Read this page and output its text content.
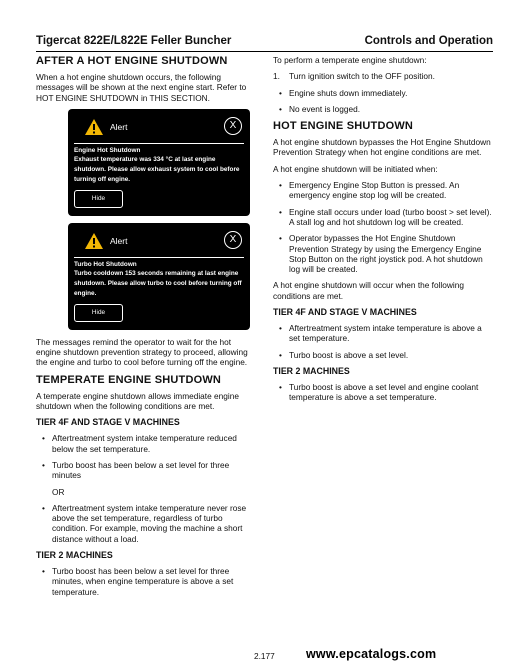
Tigercat 822E/L822E Feller Buncher	Controls and Operation
AFTER A HOT ENGINE SHUTDOWN

When a hot engine shutdown occurs, the following messages will be shown at the next engine start. Refer to HOT ENGINE SHUTDOWN in THIS SECTION.

Alert	X
Engine Hot Shutdown
Exhaust temperature was 334 °C at last engine shutdown. Please allow exhaust system to cool before turning off engine.
Hide
Alert	X
Turbo Hot Shutdown
Turbo cooldown 153 seconds remaining at last engine shutdown. Please allow turbo to cool before turning off engine.
Hide

The messages remind the operator to wait for the hot engine shutdown prevention strategy to proceed, allowing the engine and turbo to cool before turning off the engine.

TEMPERATE ENGINE SHUTDOWN

A temperate engine shutdown allows immediate engine shutdown when the following conditions are met.

TIER 4F AND STAGE V MACHINES
• Aftertreatment system intake temperature reduced below the set temperature.
• Turbo boost has been below a set level for three minutes
OR
• Aftertreatment system intake temperature never rose above the set temperature, regardless of turbo condition. For example, moving the machine a short distance without a load.
TIER 2 MACHINES
• Turbo boost has been below a set level for three minutes, when engine temperature is above a set temperature.

To perform a temperate engine shutdown:

1. Turn ignition switch to the OFF position.
• Engine shuts down immediately.
• No event is logged.
HOT ENGINE SHUTDOWN

A hot engine shutdown bypasses the Hot Engine Shutdown Prevention Strategy when hot engine conditions are met.

A hot engine shutdown will be initiated when:

• Emergency Engine Stop Button is pressed. An emergency engine stop log will be created.
• Engine stall occurs under load (turbo boost > set level). A stall log and hot shutdown log will be created.
• Operator bypasses the Hot Engine Shutdown Prevention Strategy by using the Emergency Engine Stop Button on the right joystick pod. A hot shutdown log will be created.

A hot engine shutdown will occur when the following conditions are met.

TIER 4F AND STAGE V MACHINES
• Aftertreatment system intake temperature is above a set temperature.
• Turbo boost is above a set level.
TIER 2 MACHINES
• Turbo boost is above a set level and engine coolant temperature is above a set temperature.
2.177 www.epcatalogs.com
